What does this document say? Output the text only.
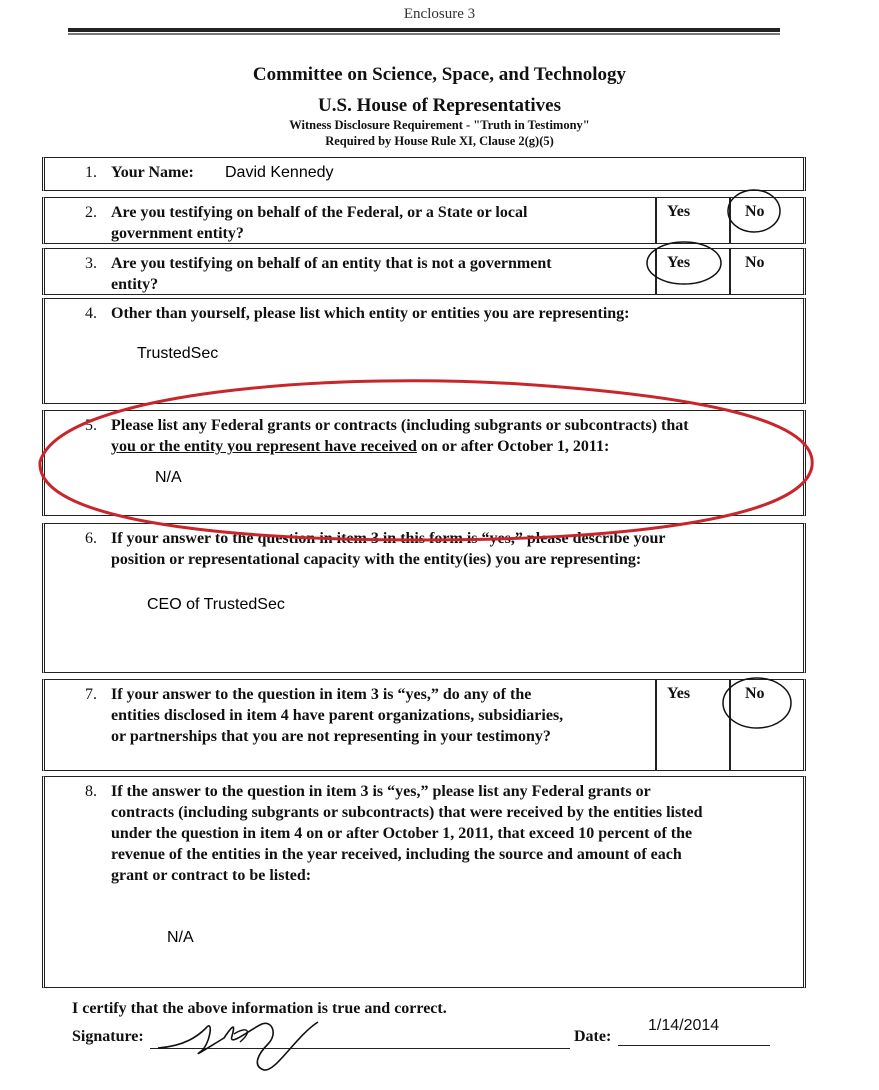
Enclosure 3
Committee on Science, Space, and Technology
U.S. House of Representatives
Witness Disclosure Requirement - "Truth in Testimony"
Required by House Rule XI, Clause 2(g)(5)
1. Your Name: David Kennedy
2. Are you testifying on behalf of the Federal, or a State or local
government entity?
Yes	No
3. Are you testifying on behalf of an entity that is not a government
entity?
Yes	No
4. Other than yourself, please list which entity or entities you are representing:
TrustedSec
5. Please list any Federal grants or contracts (including subgrants or subcontracts) that
you or the entity you represent have received on or after October 1, 2011:
N/A
6. If your answer to the question in item 3 in this form is “yes,” please describe your
position or representational capacity with the entity(ies) you are representing:
CEO of TrustedSec
7. If your answer to the question in item 3 is “yes,” do any of the
entities disclosed in item 4 have parent organizations, subsidiaries,
or partnerships that you are not representing in your testimony?
Yes	No
8. If the answer to the question in item 3 is “yes,” please list any Federal grants or
contracts (including subgrants or subcontracts) that were received by the entities listed
under the question in item 4 on or after October 1, 2011, that exceed 10 percent of the
revenue of the entities in the year received, including the source and amount of each
grant or contract to be listed:
N/A
I certify that the above information is true and correct.
Signature:	Date:
1/14/2014
